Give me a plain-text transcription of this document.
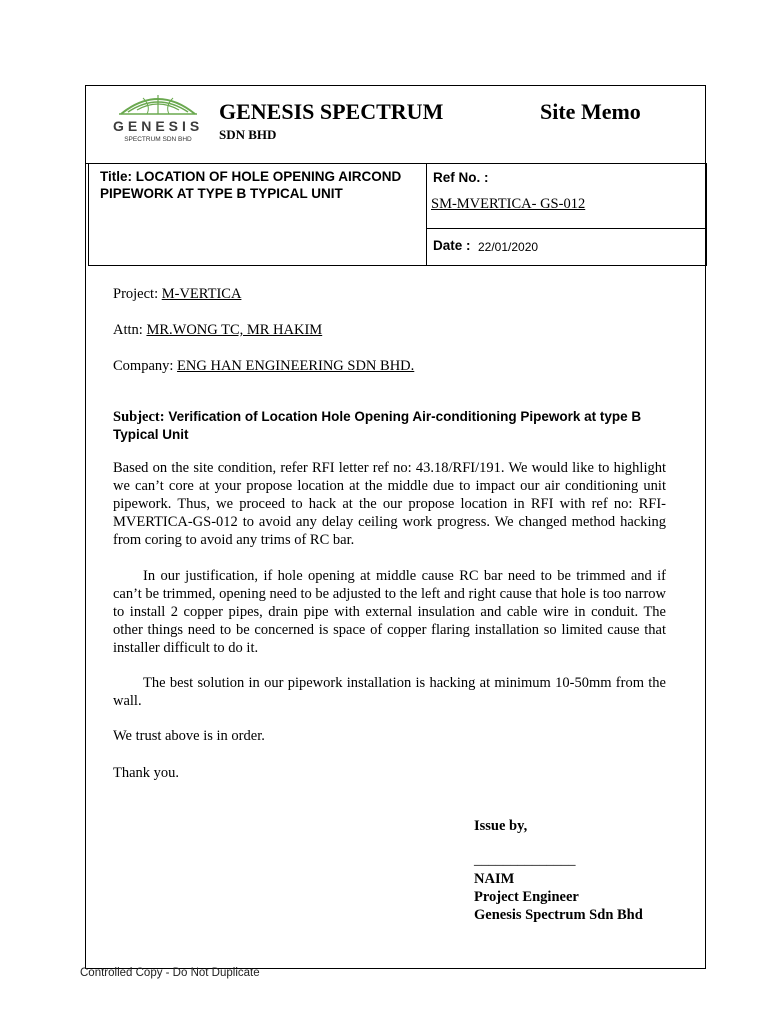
GENESIS
SPECTRUM SDN BHD
GENESIS SPECTRUM
SDN BHD
Site Memo
Title: LOCATION OF HOLE OPENING AIRCOND PIPEWORK AT TYPE B TYPICAL UNIT
Ref No. :
SM-MVERTICA- GS-012
Date : 22/01/2020
Project: M-VERTICA
Attn: MR.WONG TC, MR HAKIM
Company: ENG HAN ENGINEERING SDN BHD.
Subject: Verification of Location Hole Opening Air-conditioning Pipework at type B Typical Unit

Based on the site condition, refer RFI letter ref no: 43.18/RFI/191. We would like to highlight we can’t core at your propose location at the middle due to impact our air conditioning unit pipework. Thus, we proceed to hack at the our propose location in RFI with ref no: RFI-MVERTICA-GS-012 to avoid any delay ceiling work progress. We changed method hacking from coring to avoid any trims of RC bar.

In our justification, if hole opening at middle cause RC bar need to be trimmed and if can’t be trimmed, opening need to be adjusted to the left and right cause that hole is too narrow to install 2 copper pipes, drain pipe with external insulation and cable wire in conduit. The other things need to be concerned is space of copper flaring installation so limited cause that installer difficult to do it.

The best solution in our pipework installation is hacking at minimum 10-50mm from the wall.

We trust above is in order.

Thank you.

Issue by,
______________
NAIM
Project Engineer
Genesis Spectrum Sdn Bhd
Controlled Copy - Do Not Duplicate
